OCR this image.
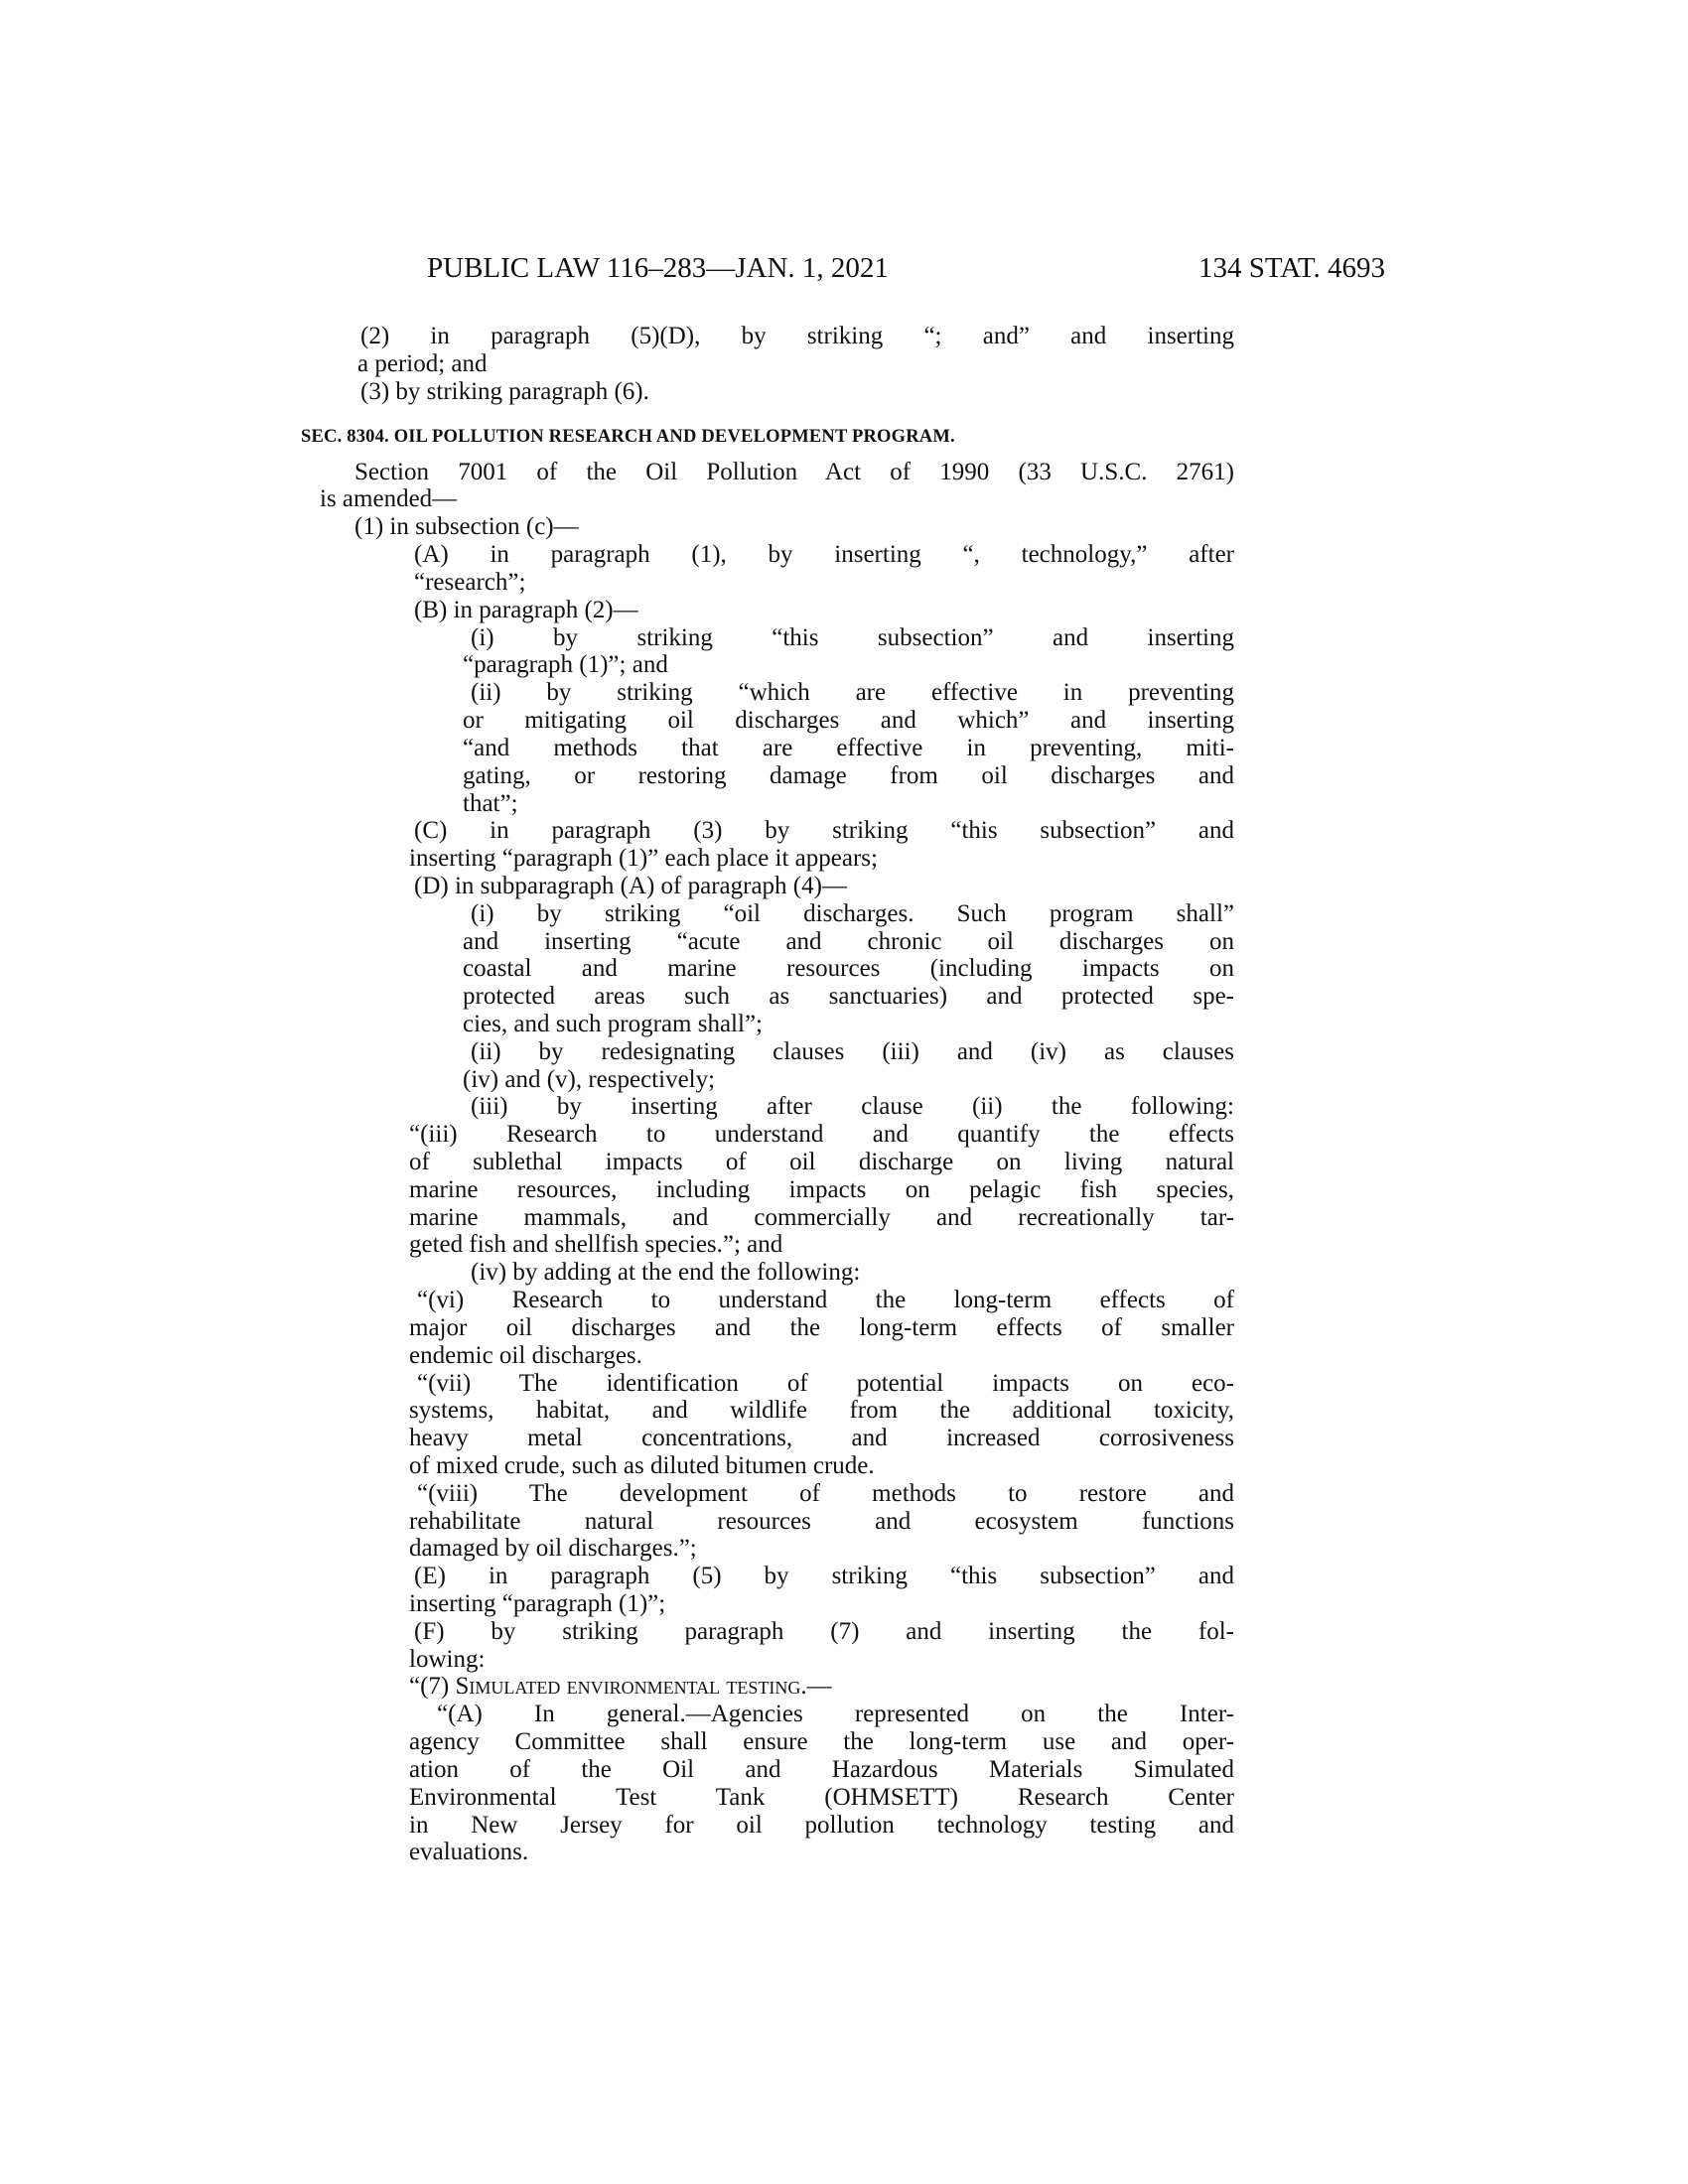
PUBLIC LAW 116–283—JAN. 1, 2021	134 STAT. 4693
(2) in paragraph (5)(D), by striking “; and” and inserting
a period; and
(3) by striking paragraph (6).
SEC. 8304. OIL POLLUTION RESEARCH AND DEVELOPMENT PROGRAM.
Section 7001 of the Oil Pollution Act of 1990 (33 U.S.C. 2761)
is amended—
(1) in subsection (c)—
(A) in paragraph (1), by inserting “, technology,” after
“research”;
(B) in paragraph (2)—
(i) by striking “this subsection” and inserting
“paragraph (1)”; and
(ii) by striking “which are effective in preventing
or mitigating oil discharges and which” and inserting
“and methods that are effective in preventing, miti-
gating, or restoring damage from oil discharges and
that”;
(C) in paragraph (3) by striking “this subsection” and
inserting “paragraph (1)” each place it appears;
(D) in subparagraph (A) of paragraph (4)—
(i) by striking “oil discharges. Such program shall”
and inserting “acute and chronic oil discharges on
coastal and marine resources (including impacts on
protected areas such as sanctuaries) and protected spe-
cies, and such program shall”;
(ii) by redesignating clauses (iii) and (iv) as clauses
(iv) and (v), respectively;
(iii) by inserting after clause (ii) the following:
“(iii) Research to understand and quantify the effects
of sublethal impacts of oil discharge on living natural
marine resources, including impacts on pelagic fish species,
marine mammals, and commercially and recreationally tar-
geted fish and shellfish species.”; and
(iv) by adding at the end the following:
“(vi) Research to understand the long-term effects of
major oil discharges and the long-term effects of smaller
endemic oil discharges.
“(vii) The identification of potential impacts on eco-
systems, habitat, and wildlife from the additional toxicity,
heavy metal concentrations, and increased corrosiveness
of mixed crude, such as diluted bitumen crude.
“(viii) The development of methods to restore and
rehabilitate natural resources and ecosystem functions
damaged by oil discharges.”;
(E) in paragraph (5) by striking “this subsection” and
inserting “paragraph (1)”;
(F) by striking paragraph (7) and inserting the fol-
lowing:
“(7) Simulated environmental testing.—
“(A) In general.—Agencies represented on the Inter-
agency Committee shall ensure the long-term use and oper-
ation of the Oil and Hazardous Materials Simulated
Environmental Test Tank (OHMSETT) Research Center
in New Jersey for oil pollution technology testing and
evaluations.
